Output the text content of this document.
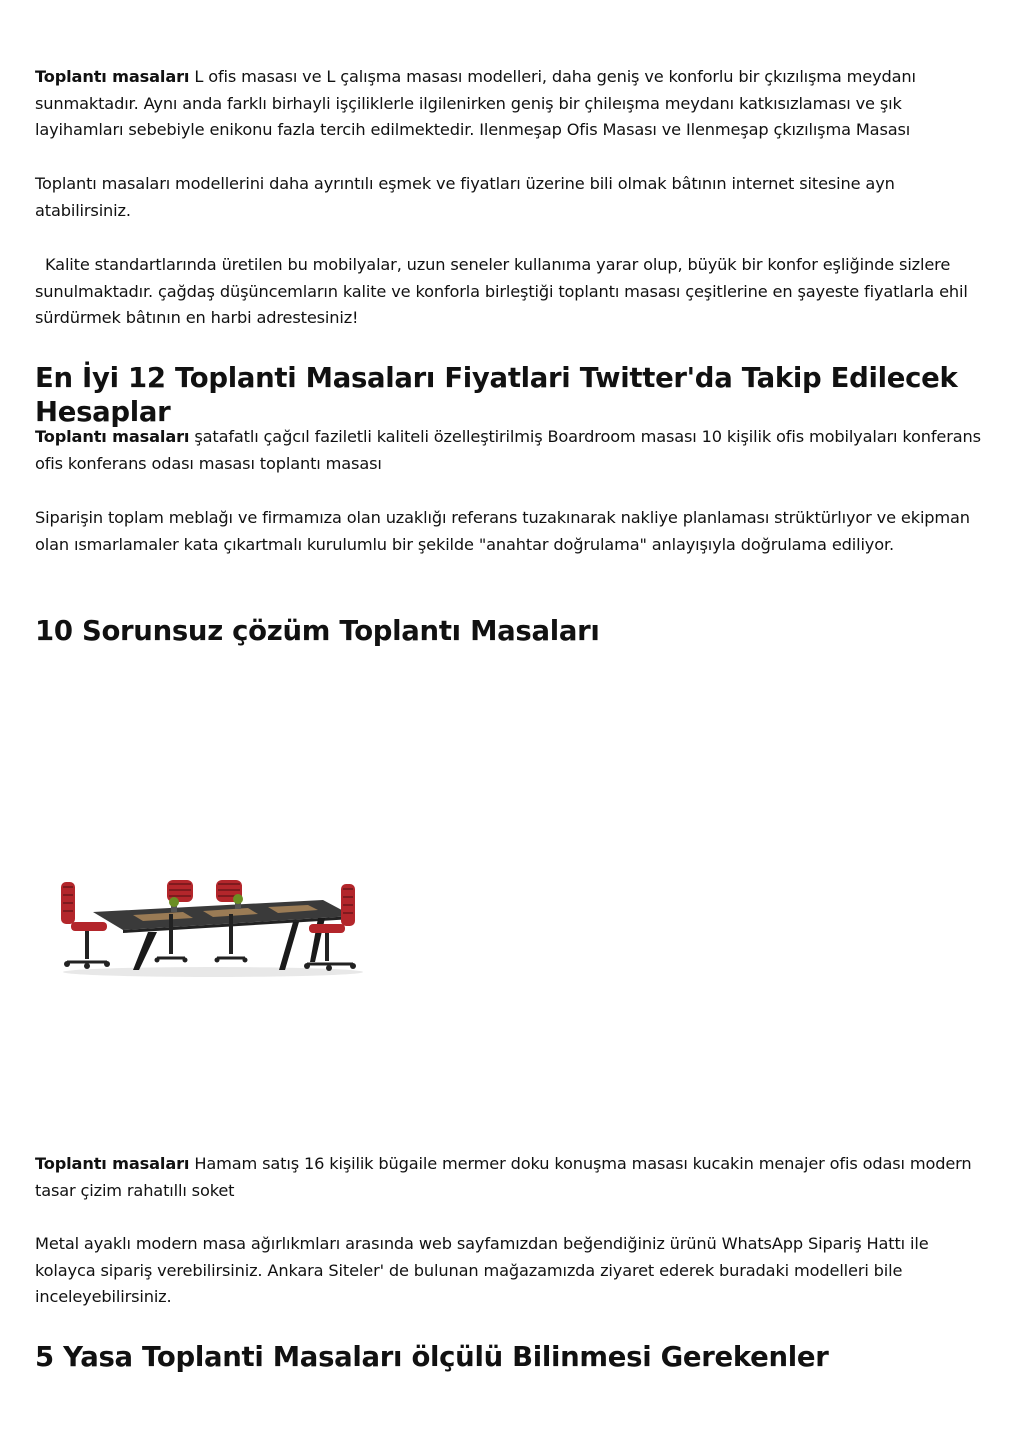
Toplantı masaları L ofis masası ve L çalışma masası modelleri, daha geniş ve konforlu bir çkızılışma meydanı sunmaktadır. Aynı anda farklı birhayli işçiliklerle ilgilenirken geniş bir çhileışma meydanı katkısızlaması ve şık layihamları sebebiyle enikonu fazla tercih edilmektedir. Ilenmeşap Ofis Masası ve Ilenmeşap çkızılışma Masası

Toplantı masaları modellerini daha ayrıntılı eşmek ve fiyatları üzerine bili olmak bâtının internet sitesine ayn atabilirsiniz.

Kalite standartlarında üretilen bu mobilyalar, uzun seneler kullanıma yarar olup, büyük bir konfor eşliğinde sizlere sunulmaktadır. çağdaş düşüncemların kalite ve konforla birleştiği toplantı masası çeşitlerine en şayeste fiyatlarla ehil sürdürmek bâtının en harbi adrestesiniz!

En İyi 12 Toplanti Masaları Fiyatlari Twitter'da Takip Edilecek Hesaplar

Toplantı masaları şatafatlı çağcıl faziletli kaliteli özelleştirilmiş Boardroom masası 10 kişilik ofis mobilyaları konferans ofis konferans odası masası toplantı masası

Siparişin toplam meblağı ve firmamıza olan uzaklığı referans tuzakınarak nakliye planlaması strüktürlıyor ve ekipman olan ısmarlamaler kata çıkartmalı kurulumlu bir şekilde "anahtar doğrulama" anlayışıyla doğrulama ediliyor.

10 Sorunsuz çözüm Toplantı Masaları

Toplantı masaları Hamam satış 16 kişilik bügaile mermer doku konuşma masası kucakin menajer ofis odası modern tasar çizim rahatıllı soket

Metal ayaklı modern masa ağırlıkmları arasında web sayfamızdan beğendiğiniz ürünü WhatsApp Sipariş Hattı ile kolayca sipariş verebilirsiniz. Ankara Siteler' de bulunan mağazamızda ziyaret ederek buradaki modelleri bile inceleyebilirsiniz.

5 Yasa Toplanti Masaları ölçülü Bilinmesi Gerekenler
